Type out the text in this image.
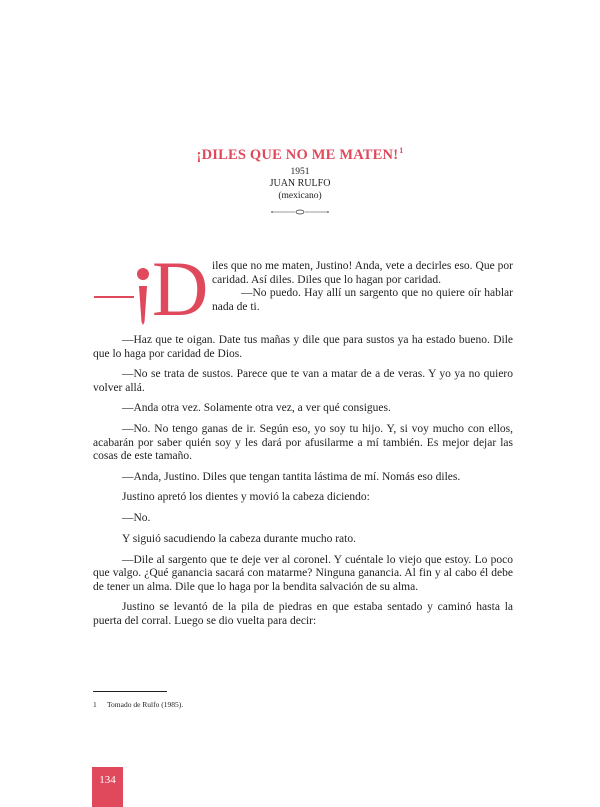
¡DILES QUE NO ME MATEN!$^1$
1951
JUAN RULFO
(mexicano)
D iles que no me maten, Justino! Anda, vete a decirles eso. Que por caridad. Así diles. Diles que lo hagan por caridad.

—No puedo. Hay allí un sargento que no quiere oír hablar nada de ti.

—Haz que te oigan. Date tus mañas y dile que para sustos ya ha estado bueno. Dile que lo haga por caridad de Dios.

—No se trata de sustos. Parece que te van a matar de a de veras. Y yo ya no quiero volver allá.

—Anda otra vez. Solamente otra vez, a ver qué consigues.

—No. No tengo ganas de ir. Según eso, yo soy tu hijo. Y, si voy mucho con ellos, acabarán por saber quién soy y les dará por afusilarme a mí también. Es mejor dejar las cosas de este tamaño.

—Anda, Justino. Diles que tengan tantita lástima de mí. Nomás eso diles.

Justino apretó los dientes y movió la cabeza diciendo:

—No.

Y siguió sacudiendo la cabeza durante mucho rato.

—Dile al sargento que te deje ver al coronel. Y cuéntale lo viejo que estoy. Lo poco que valgo. ¿Qué ganancia sacará con matarme? Ninguna ganancia. Al fin y al cabo él debe de tener un alma. Dile que lo haga por la bendita salvación de su alma.

Justino se levantó de la pila de piedras en que estaba sentado y caminó hasta la puerta del corral. Luego se dio vuelta para decir:

1 Tomado de Rulfo (1985).
134
